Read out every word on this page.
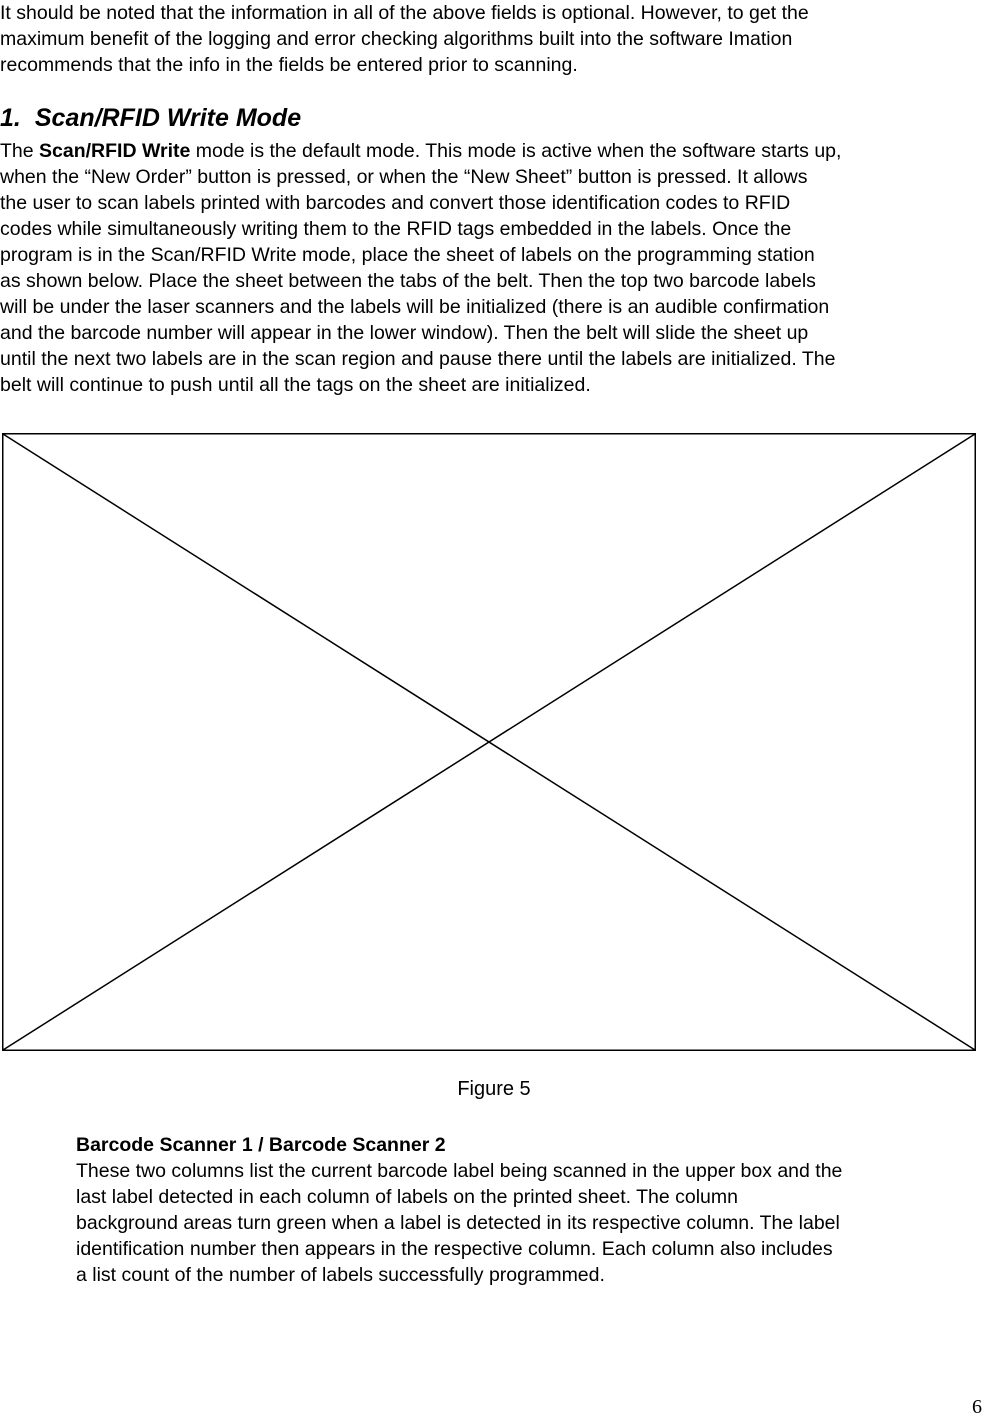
It should be noted that the information in all of the above fields is optional. However, to get the
maximum benefit of the logging and error checking algorithms built into the software Imation
recommends that the info in the fields be entered prior to scanning.
1. Scan/RFID Write Mode
The Scan/RFID Write mode is the default mode. This mode is active when the software starts up,
when the “New Order” button is pressed, or when the “New Sheet” button is pressed. It allows
the user to scan labels printed with barcodes and convert those identification codes to RFID
codes while simultaneously writing them to the RFID tags embedded in the labels. Once the
program is in the Scan/RFID Write mode, place the sheet of labels on the programming station
as shown below. Place the sheet between the tabs of the belt. Then the top two barcode labels
will be under the laser scanners and the labels will be initialized (there is an audible confirmation
and the barcode number will appear in the lower window). Then the belt will slide the sheet up
until the next two labels are in the scan region and pause there until the labels are initialized. The
belt will continue to push until all the tags on the sheet are initialized.
Figure 5
Barcode Scanner 1 / Barcode Scanner 2
These two columns list the current barcode label being scanned in the upper box and the
last label detected in each column of labels on the printed sheet. The column
background areas turn green when a label is detected in its respective column. The label
identification number then appears in the respective column. Each column also includes
a list count of the number of labels successfully programmed.
6
